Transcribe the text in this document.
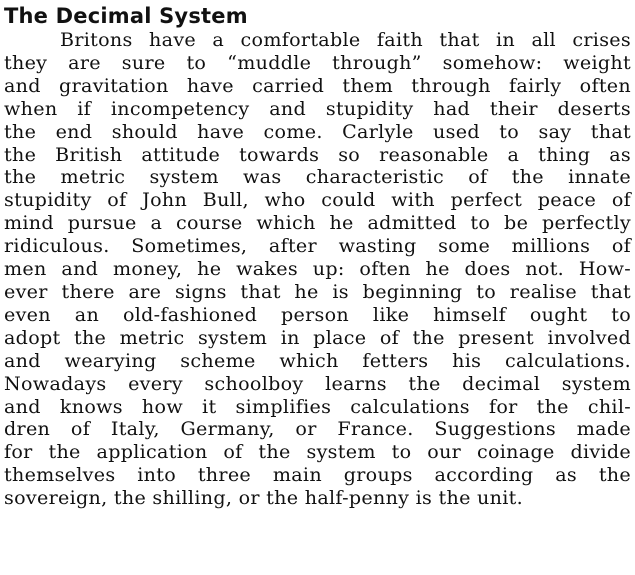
The Decimal System
Britons have a comfortable faith that in all crises
they are sure to “muddle through” somehow: weight
and gravitation have carried them through fairly often
when if incompetency and stupidity had their deserts
the end should have come. Carlyle used to say that
the British attitude towards so reasonable a thing as
the metric system was characteristic of the innate
stupidity of John Bull, who could with perfect peace of
mind pursue a course which he admitted to be perfectly
ridiculous. Sometimes, after wasting some millions of
men and money, he wakes up: often he does not. How-
ever there are signs that he is beginning to realise that
even an old-fashioned person like himself ought to
adopt the metric system in place of the present involved
and wearying scheme which fetters his calculations.
Nowadays every schoolboy learns the decimal system
and knows how it simplifies calculations for the chil-
dren of Italy, Germany, or France. Suggestions made
for the application of the system to our coinage divide
themselves into three main groups according as the
sovereign, the shilling, or the half-penny is the unit.
